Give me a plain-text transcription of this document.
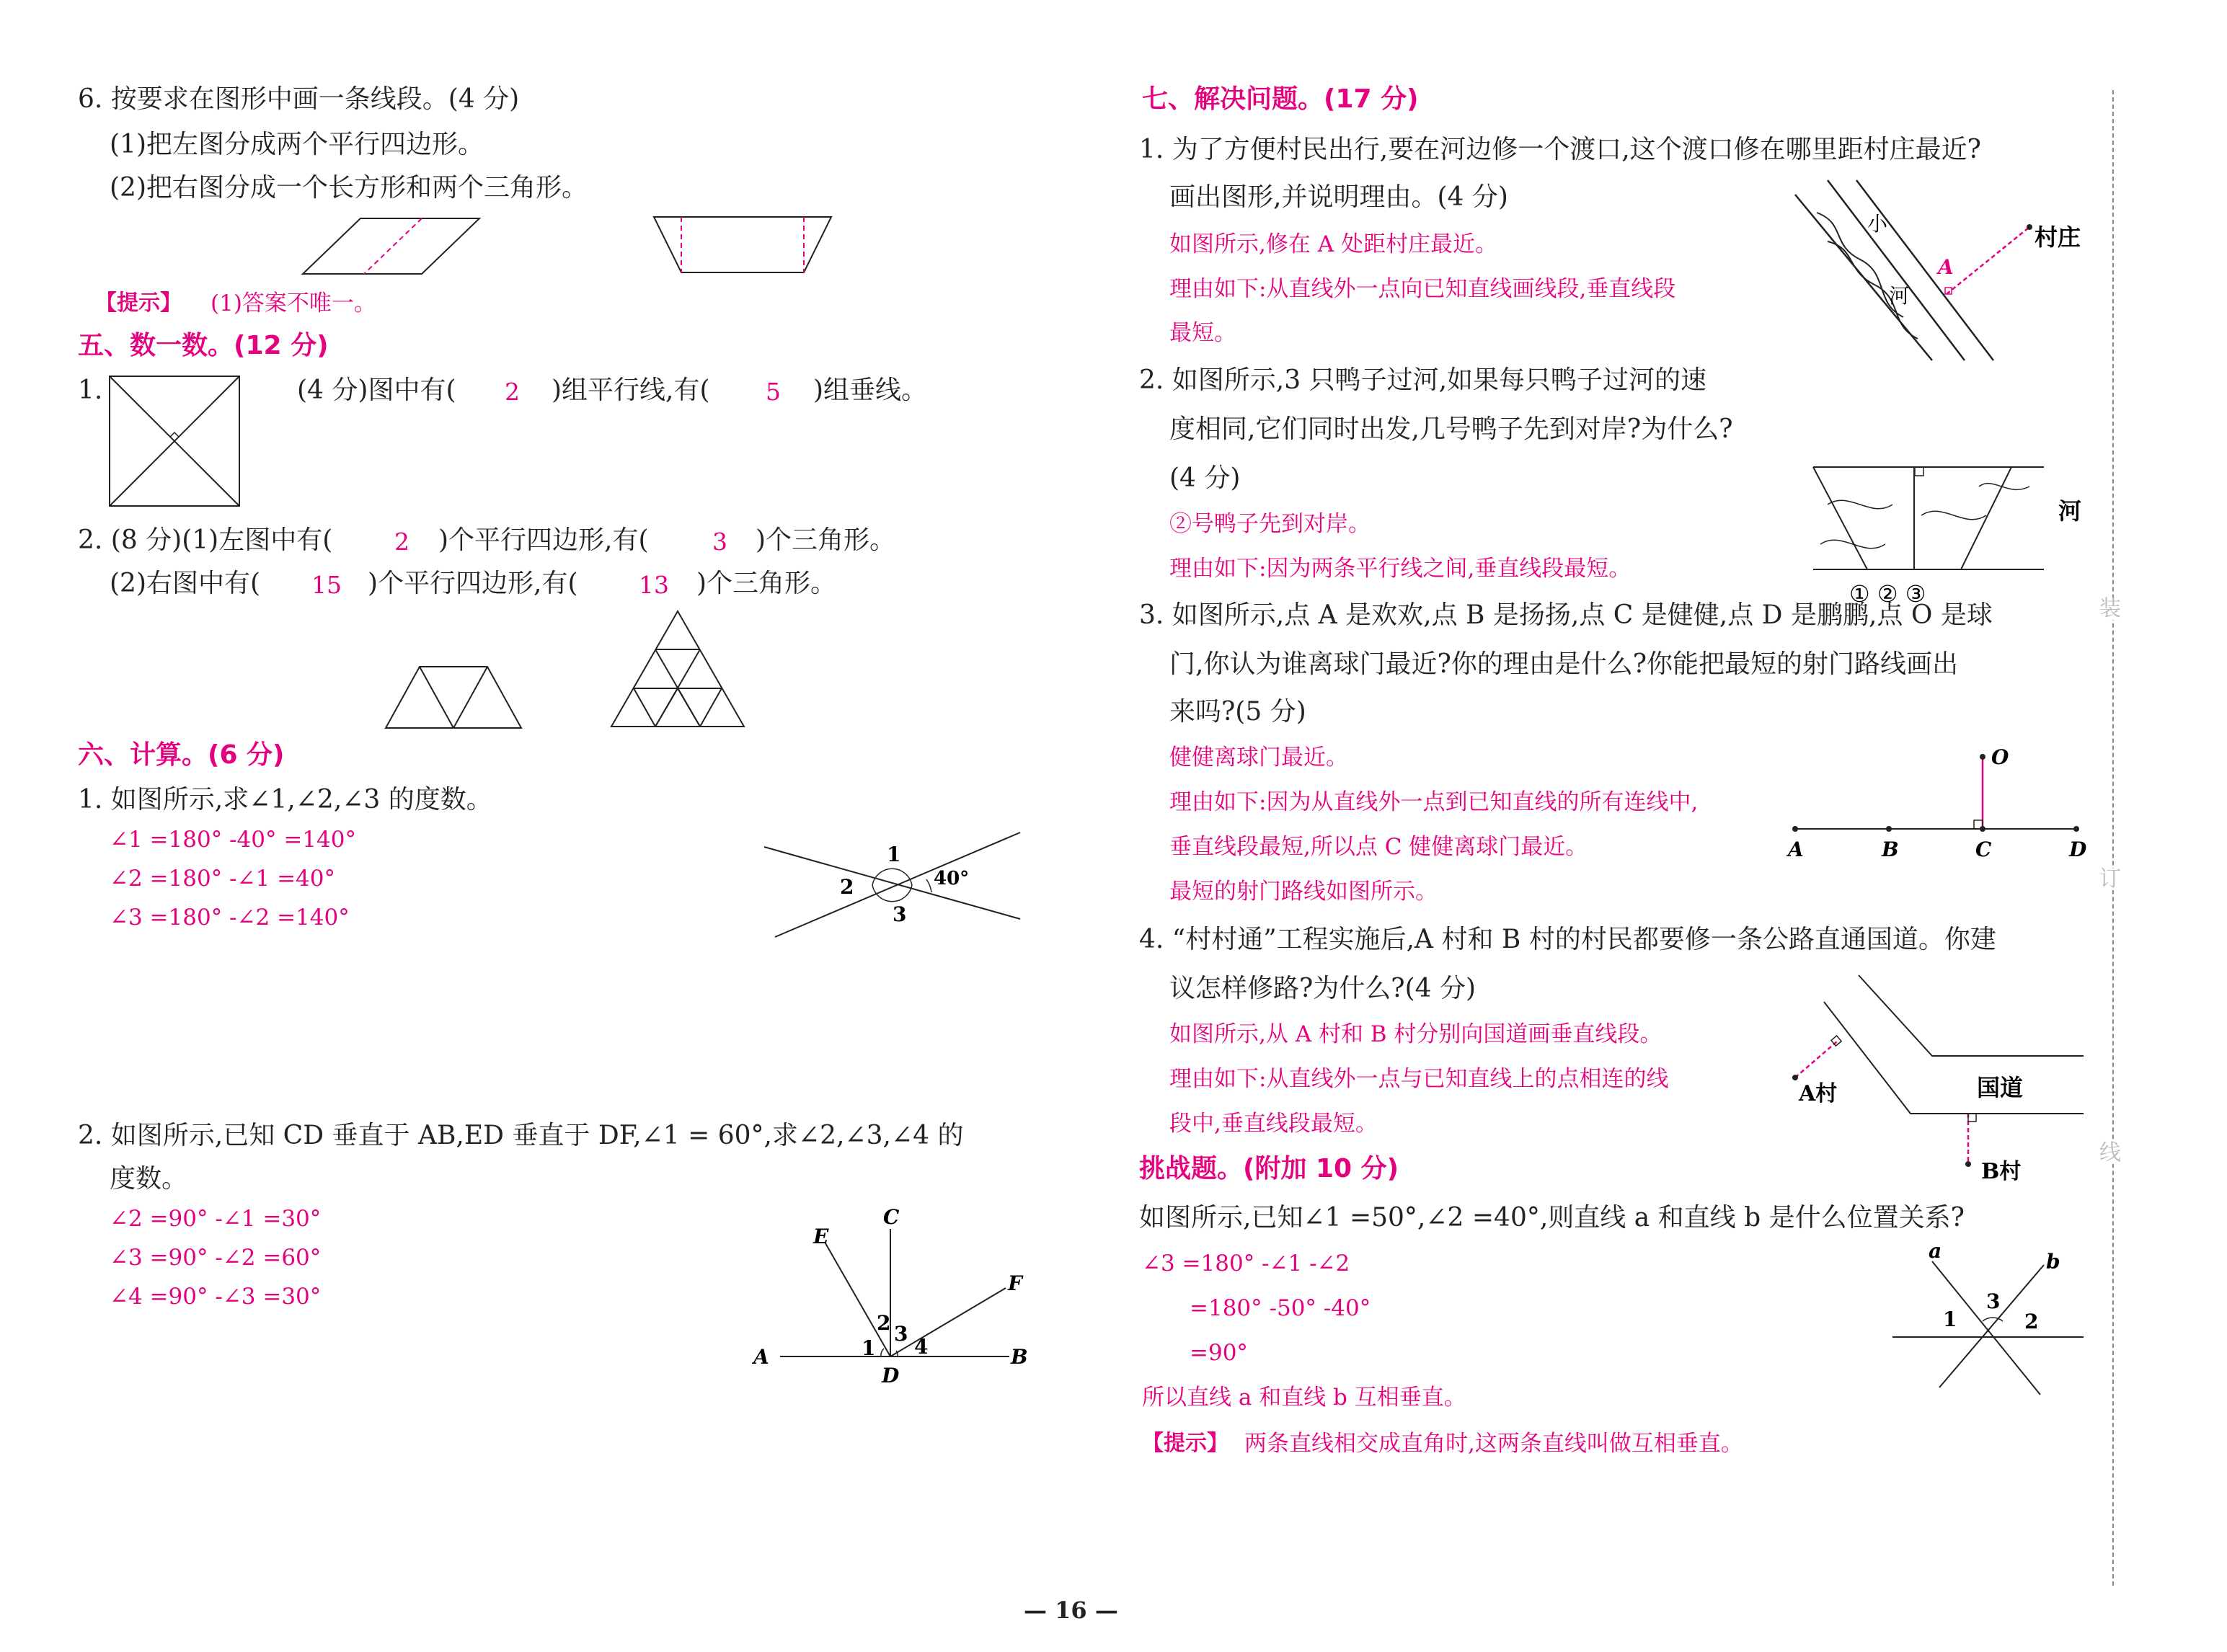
6. 按要求在图形中画一条线段。(4 分)
(1)把左图分成两个平行四边形。
(2)把右图分成一个长方形和两个三角形。
【提示】 (1)答案不唯一。
五、数一数。(12 分)
1.	(4 分)图中有( 2 )组平行线,有( 5 )组垂线。
2. (8 分)(1)左图中有(	2 )个平行四边形,有(	3 )个三角形。
(2)右图中有( 15 )个平行四边形,有(	13 )个三角形。
六、计算。(6 分)
1. 如图所示,求∠1,∠2,∠3 的度数。
∠1 =180° -40° =140°
∠2 =180° -∠1 =40°
∠3 =180° -∠2 =140°
1
2
3
40°
2. 如图所示,已知 CD 垂直于 AB,ED 垂直于 DF,∠1 = 60°,求∠2,∠3,∠4 的
度数。
∠2 =90° -∠1 =30°
∠3 =90° -∠2 =60°
∠4 =90° -∠3 =30°
A	B
C
D
E
F
1
2 3
4
七、解决问题。(17 分)
1. 为了方便村民出行,要在河边修一个渡口,这个渡口修在哪里距村庄最近?
画出图形,并说明理由。(4 分)
如图所示,修在 A 处距村庄最近。
理由如下:从直线外一点向已知直线画线段,垂直线段
最短。
小
河
A
村庄
2. 如图所示,3 只鸭子过河,如果每只鸭子过河的速
度相同,它们同时出发,几号鸭子先到对岸?为什么?
(4 分)
②号鸭子先到对岸。
理由如下:因为两条平行线之间,垂直线段最短。
河
① ② ③
3. 如图所示,点 A 是欢欢,点 B 是扬扬,点 C 是健健,点 D 是鹏鹏,点 O 是球
门,你认为谁离球门最近?你的理由是什么?你能把最短的射门路线画出
来吗?(5 分)
健健离球门最近。
理由如下:因为从直线外一点到已知直线的所有连线中,
垂直线段最短,所以点 C 健健离球门最近。
最短的射门路线如图所示。
O
A	B	C	D
4. “村村通”工程实施后,A 村和 B 村的村民都要修一条公路直通国道。你建
议怎样修路?为什么?(4 分)
如图所示,从 A 村和 B 村分别向国道画垂直线段。
理由如下:从直线外一点与已知直线上的点相连的线
段中,垂直线段最短。
A村
B村
国道
挑战题。(附加 10 分)
如图所示,已知∠1 =50°,∠2 =40°,则直线 a 和直线 b 是什么位置关系?
∠3 =180° -∠1 -∠2
=180° -50° -40°
=90°
所以直线 a 和直线 b 互相垂直。
【提示】 两条直线相交成直角时,这两条直线叫做互相垂直。
a	b
1
3
2
装
订
线
— 16 —
